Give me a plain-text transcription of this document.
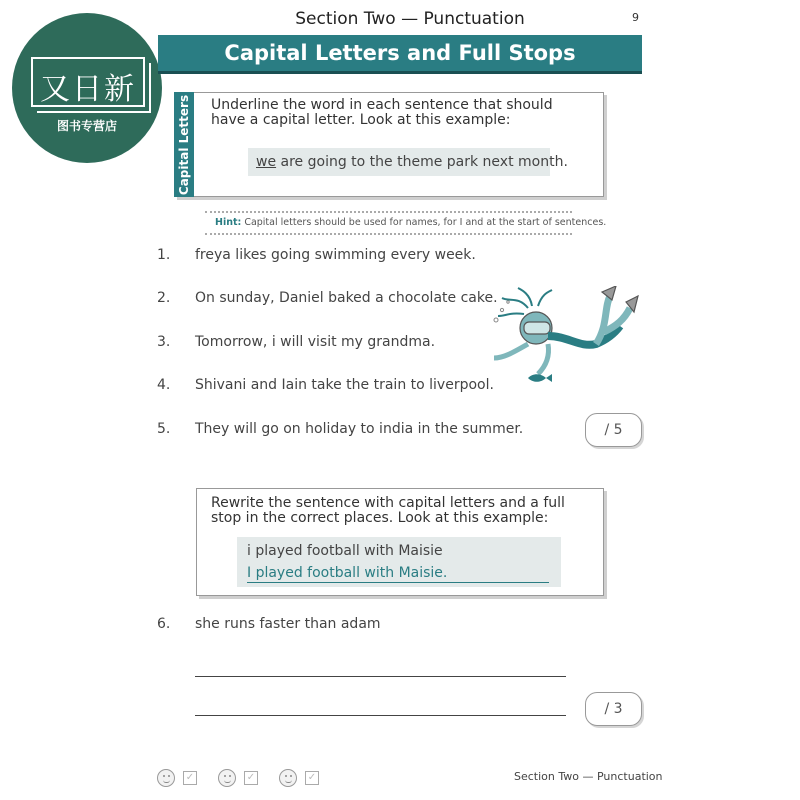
又日新
图书专营店
Section Two — Punctuation	9
Capital Letters and Full Stops
Capital Letters Underline the word in each sentence that should have a capital letter. Look at this example:
we are going to the theme park next month.
Hint: Capital letters should be used for names, for I and at the start of sentences.
1. freya likes going swimming every week.
2. On sunday, Daniel baked a chocolate cake.
3. Tomorrow, i will visit my grandma.
4. Shivani and Iain take the train to liverpool.
5. They will go on holiday to india in the summer.	/ 5
Rewrite the sentence with capital letters and a full stop in the correct places. Look at this example:
i played football with Maisie
I played football with Maisie.
6. she runs faster than adam
/ 3
✓	✓	✓	Section Two — Punctuation
